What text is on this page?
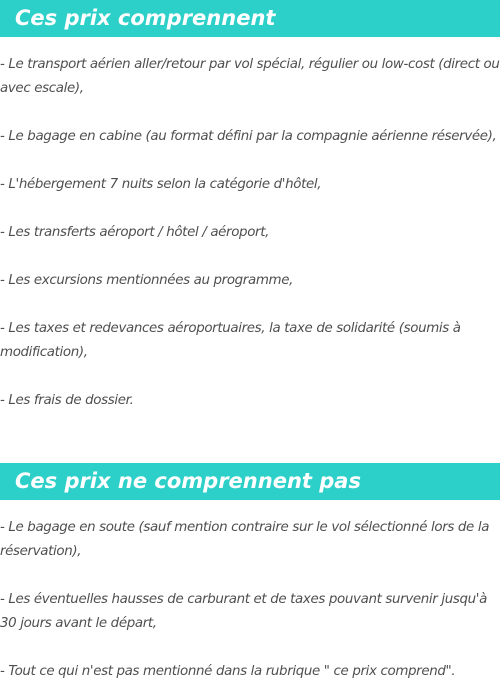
Ces prix comprennent

- Le transport aérien aller/retour par vol spécial, régulier ou low-cost (direct ou avec escale),

- Le bagage en cabine (au format défini par la compagnie aérienne réservée),

- L'hébergement 7 nuits selon la catégorie d'hôtel,

- Les transferts aéroport / hôtel / aéroport,

- Les excursions mentionnées au programme,

- Les taxes et redevances aéroportuaires, la taxe de solidarité (soumis à modification),

- Les frais de dossier.

Ces prix ne comprennent pas

- Le bagage en soute (sauf mention contraire sur le vol sélectionné lors de la réservation),

- Les éventuelles hausses de carburant et de taxes pouvant survenir jusqu'à 30 jours avant le départ,

- Tout ce qui n'est pas mentionné dans la rubrique " ce prix comprend".
